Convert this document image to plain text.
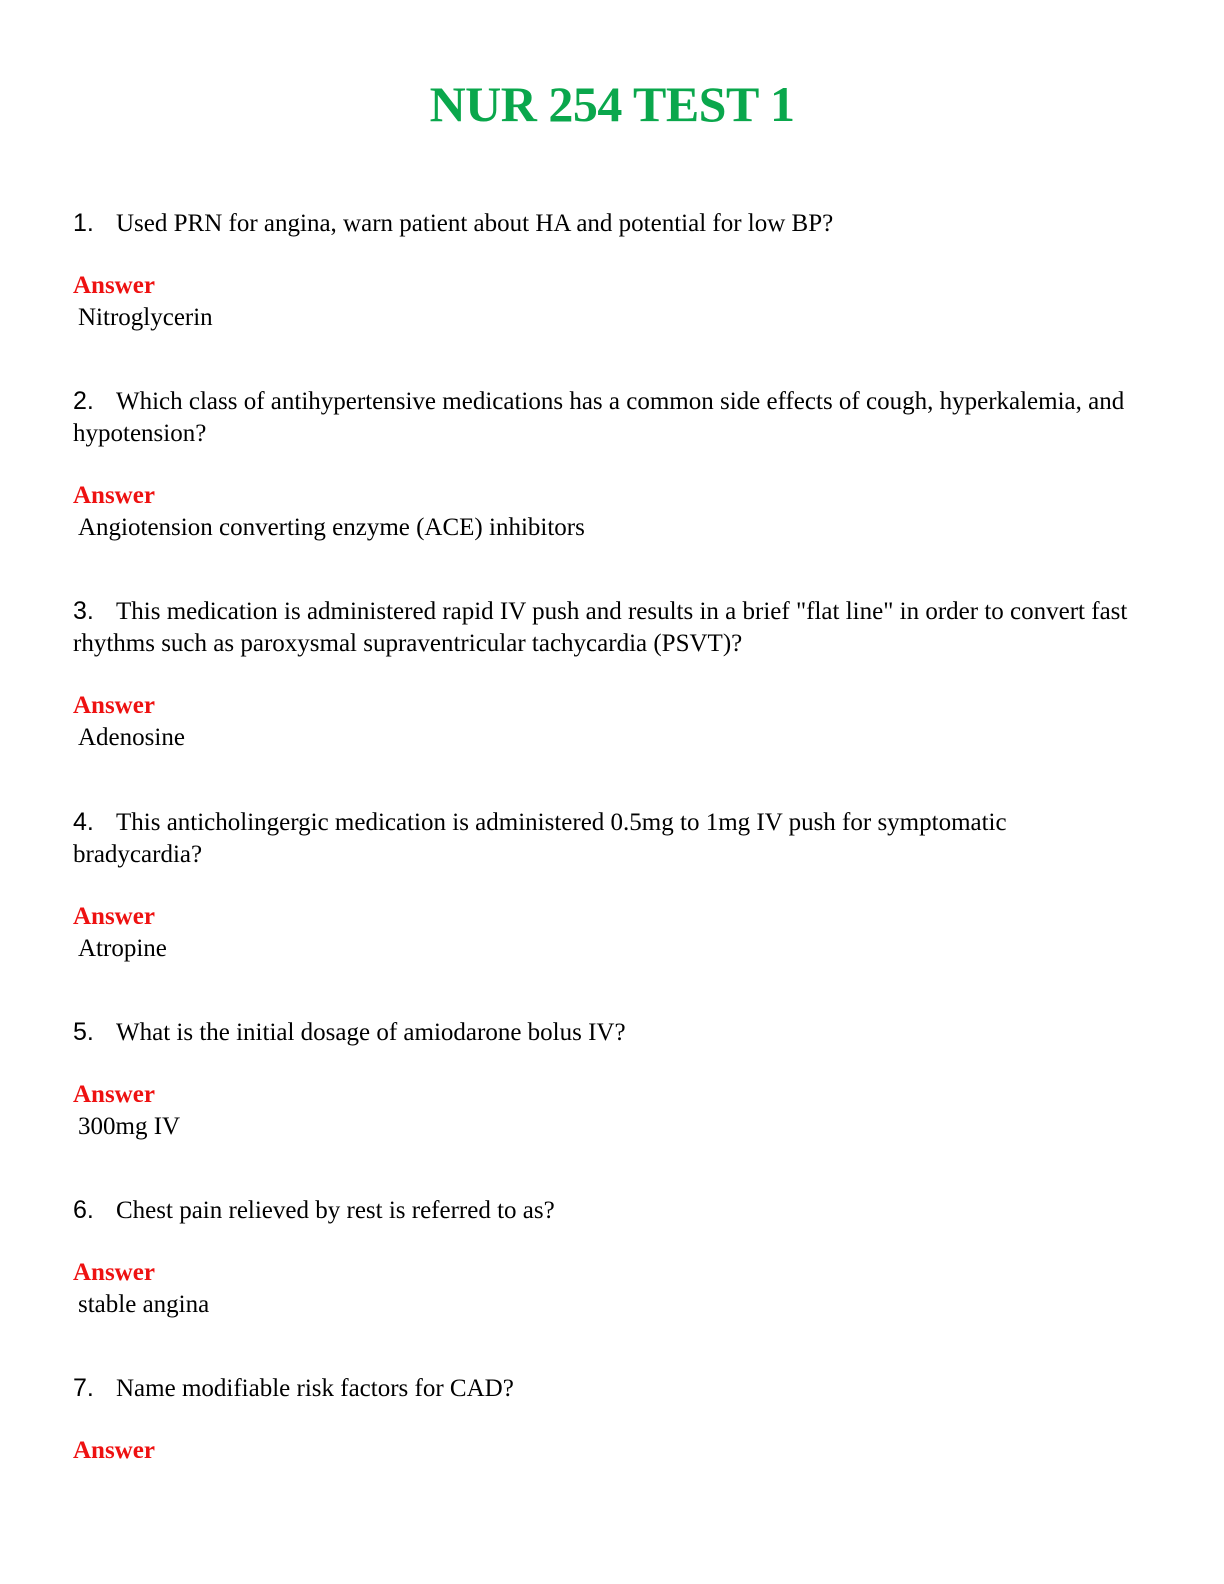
NUR 254 TEST 1

1. Used PRN for angina, warn patient about HA and potential for low BP?

Answer
Nitroglycerin

2. Which class of antihypertensive medications has a common side effects of cough, hyperkalemia, and hypotension?

Answer
Angiotension converting enzyme (ACE) inhibitors

3. This medication is administered rapid IV push and results in a brief "flat line" in order to convert fast rhythms such as paroxysmal supraventricular tachycardia (PSVT)?

Answer
Adenosine

4. This anticholingergic medication is administered 0.5mg to 1mg IV push for symptomatic bradycardia?

Answer
Atropine

5. What is the initial dosage of amiodarone bolus IV?

Answer
300mg IV

6. Chest pain relieved by rest is referred to as?

Answer
stable angina

7. Name modifiable risk factors for CAD?

Answer
